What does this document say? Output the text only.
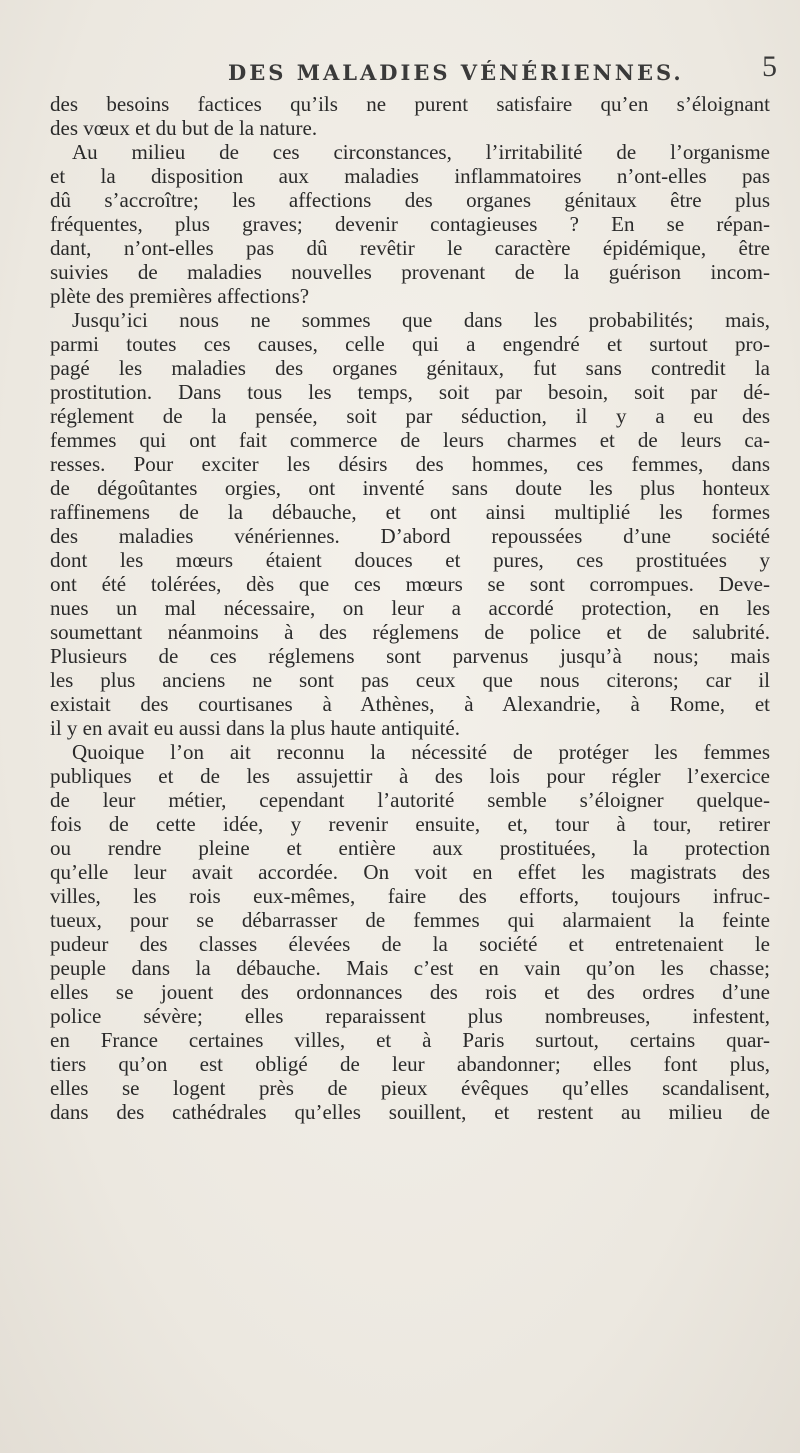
DES MALADIES VÉNÉRIENNES.	5
des besoins factices qu’ils ne purent satisfaire qu’en s’éloignant
des vœux et du but de la nature.
Au milieu de ces circonstances, l’irritabilité de l’organisme
et la disposition aux maladies inflammatoires n’ont-elles pas
dû s’accroître; les affections des organes génitaux être plus
fréquentes, plus graves; devenir contagieuses ? En se répan-
dant, n’ont-elles pas dû revêtir le caractère épidémique, être
suivies de maladies nouvelles provenant de la guérison incom-
plète des premières affections?
Jusqu’ici nous ne sommes que dans les probabilités; mais,
parmi toutes ces causes, celle qui a engendré et surtout pro-
pagé les maladies des organes génitaux, fut sans contredit la
prostitution. Dans tous les temps, soit par besoin, soit par dé-
réglement de la pensée, soit par séduction, il y a eu des
femmes qui ont fait commerce de leurs charmes et de leurs ca-
resses. Pour exciter les désirs des hommes, ces femmes, dans
de dégoûtantes orgies, ont inventé sans doute les plus honteux
raffinemens de la débauche, et ont ainsi multiplié les formes
des maladies vénériennes. D’abord repoussées d’une société
dont les mœurs étaient douces et pures, ces prostituées y
ont été tolérées, dès que ces mœurs se sont corrompues. Deve-
nues un mal nécessaire, on leur a accordé protection, en les
soumettant néanmoins à des réglemens de police et de salubrité.
Plusieurs de ces réglemens sont parvenus jusqu’à nous; mais
les plus anciens ne sont pas ceux que nous citerons; car il
existait des courtisanes à Athènes, à Alexandrie, à Rome, et
il y en avait eu aussi dans la plus haute antiquité.
Quoique l’on ait reconnu la nécessité de protéger les femmes
publiques et de les assujettir à des lois pour régler l’exercice
de leur métier, cependant l’autorité semble s’éloigner quelque-
fois de cette idée, y revenir ensuite, et, tour à tour, retirer
ou rendre pleine et entière aux prostituées, la protection
qu’elle leur avait accordée. On voit en effet les magistrats des
villes, les rois eux-mêmes, faire des efforts, toujours infruc-
tueux, pour se débarrasser de femmes qui alarmaient la feinte
pudeur des classes élevées de la société et entretenaient le
peuple dans la débauche. Mais c’est en vain qu’on les chasse;
elles se jouent des ordonnances des rois et des ordres d’une
police sévère; elles reparaissent plus nombreuses, infestent,
en France certaines villes, et à Paris surtout, certains quar-
tiers qu’on est obligé de leur abandonner; elles font plus,
elles se logent près de pieux évêques qu’elles scandalisent,
dans des cathédrales qu’elles souillent, et restent au milieu de
